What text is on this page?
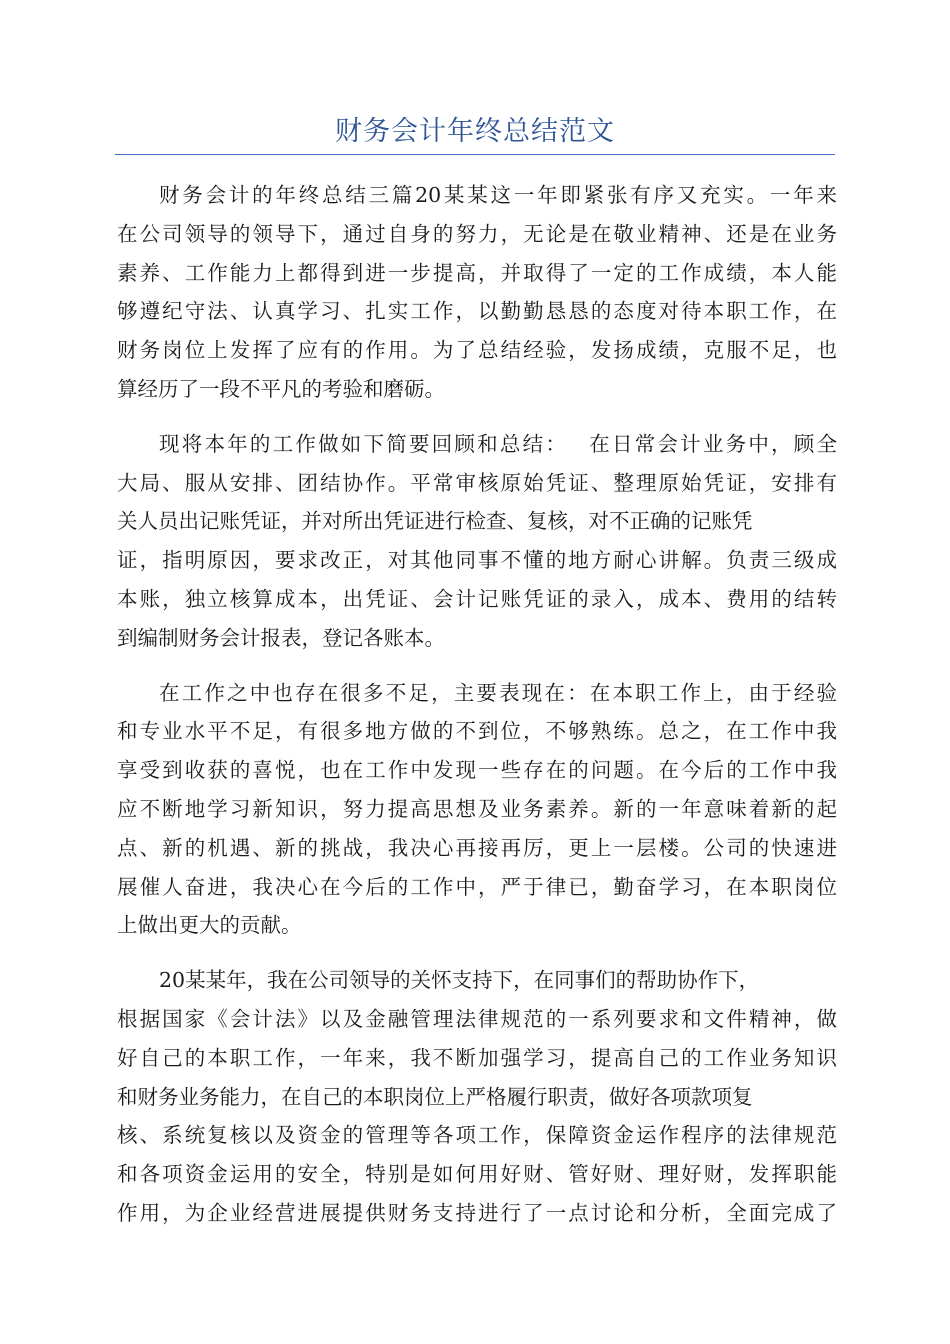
财务会计年终总结范文
财务会计的年终总结三篇20某某这一年即紧张有序又充实。一年来
在公司领导的领导下，通过自身的努力，无论是在敬业精神、还是在业务
素养、工作能力上都得到进一步提高，并取得了一定的工作成绩，本人能
够遵纪守法、认真学习、扎实工作，以勤勤恳恳的态度对待本职工作，在
财务岗位上发挥了应有的作用。为了总结经验，发扬成绩，克服不足，也
算经历了一段不平凡的考验和磨砺。
现将本年的工作做如下简要回顾和总结：　 在日常会计业务中，顾全
大局、服从安排、团结协作。平常审核原始凭证、整理原始凭证，安排有
关人员出记账凭证，并对所出凭证进行检查、复核，对不正确的记账凭
证，指明原因，要求改正，对其他同事不懂的地方耐心讲解。负责三级成
本账，独立核算成本，出凭证、会计记账凭证的录入，成本、费用的结转
到编制财务会计报表，登记各账本。
在工作之中也存在很多不足，主要表现在：在本职工作上，由于经验
和专业水平不足，有很多地方做的不到位，不够熟练。总之，在工作中我
享受到收获的喜悦，也在工作中发现一些存在的问题。在今后的工作中我
应不断地学习新知识，努力提高思想及业务素养。新的一年意味着新的起
点、新的机遇、新的挑战，我决心再接再厉，更上一层楼。公司的快速进
展催人奋进，我决心在今后的工作中，严于律已，勤奋学习，在本职岗位
上做出更大的贡献。
20某某年，我在公司领导的关怀支持下，在同事们的帮助协作下，
根据国家《会计法》以及金融管理法律规范的一系列要求和文件精神，做
好自己的本职工作，一年来，我不断加强学习，提高自己的工作业务知识
和财务业务能力，在自己的本职岗位上严格履行职责，做好各项款项复
核、系统复核以及资金的管理等各项工作，保障资金运作程序的法律规范
和各项资金运用的安全，特别是如何用好财、管好财、理好财，发挥职能
作用，为企业经营进展提供财务支持进行了一点讨论和分析，全面完成了
